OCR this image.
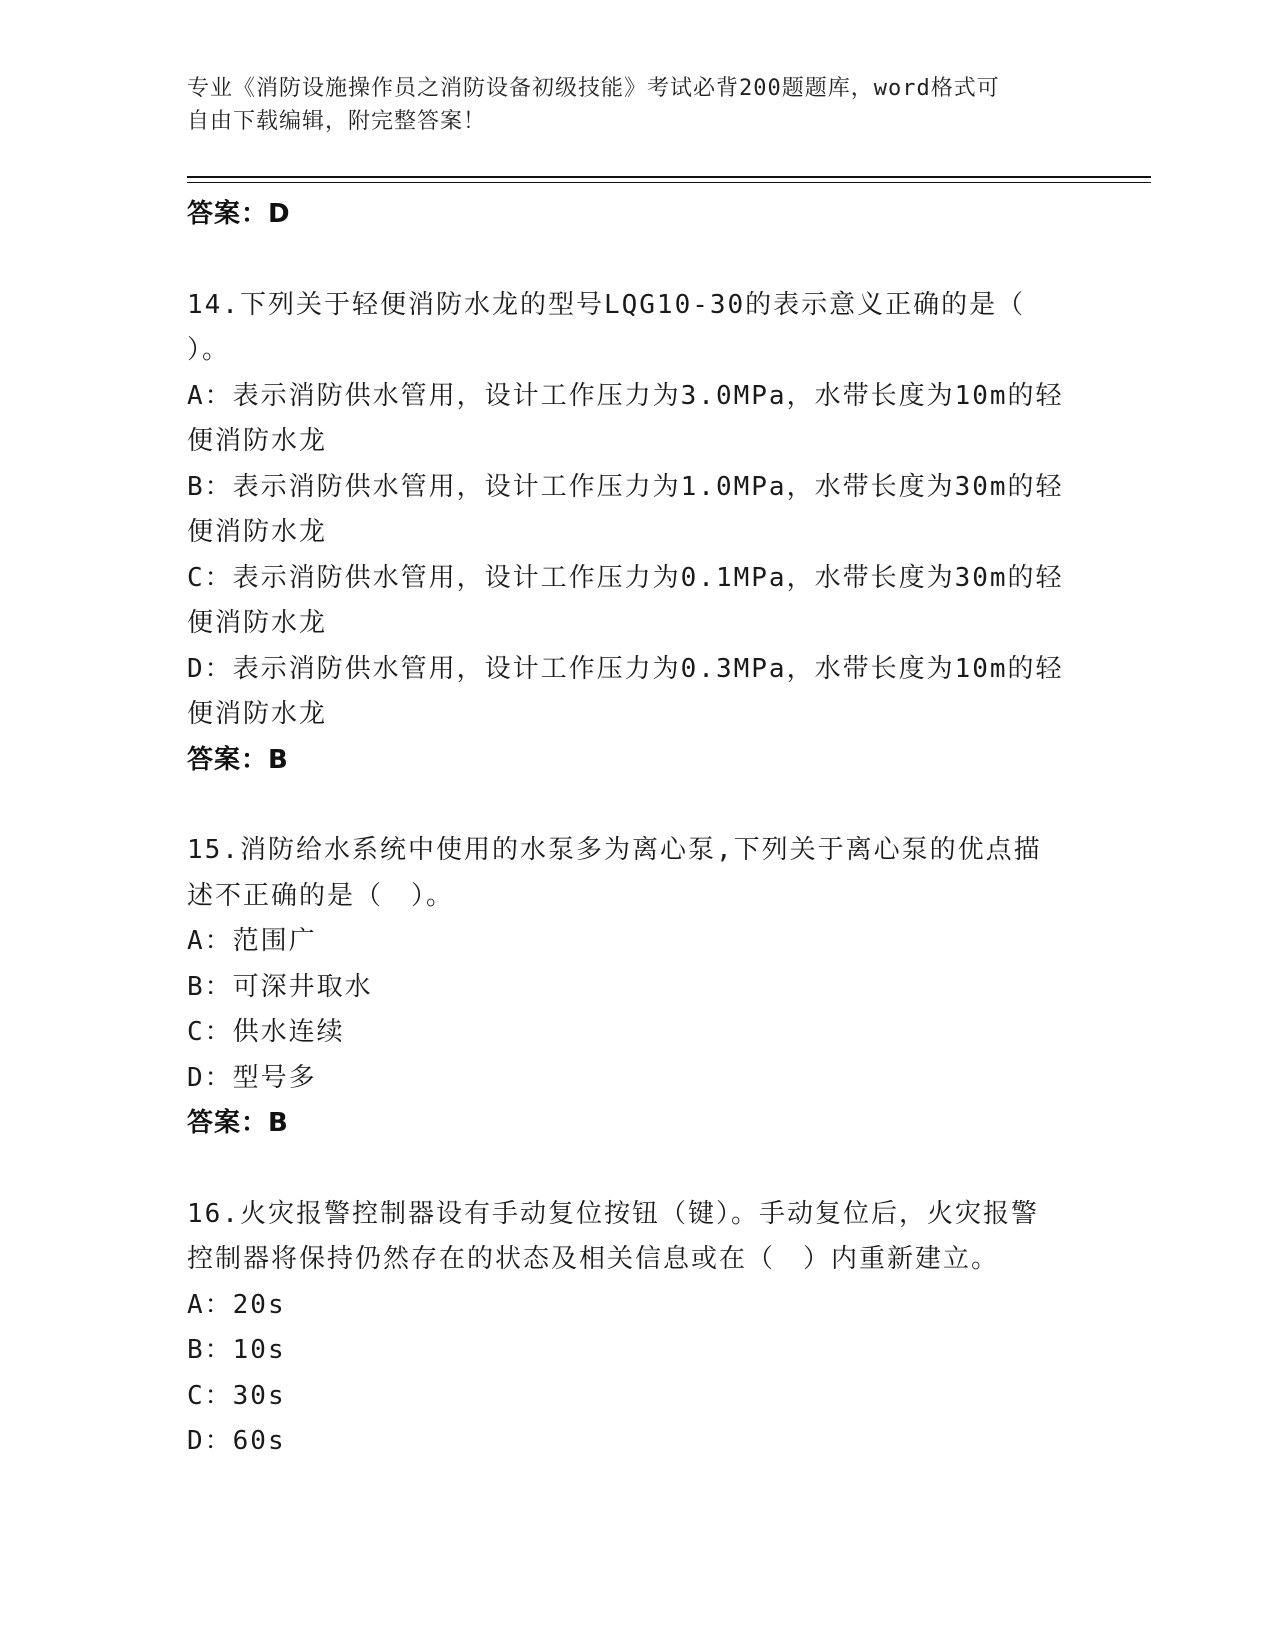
专业《消防设施操作员之消防设备初级技能》考试必背200题题库，word格式可
自由下载编辑，附完整答案！
答案：D
14.下列关于轻便消防水龙的型号LQG10-30的表示意义正确的是（
）。
A：表示消防供水管用，设计工作压力为3.0MPa，水带长度为10m的轻
便消防水龙
B：表示消防供水管用，设计工作压力为1.0MPa，水带长度为30m的轻
便消防水龙
C：表示消防供水管用，设计工作压力为0.1MPa，水带长度为30m的轻
便消防水龙
D：表示消防供水管用，设计工作压力为0.3MPa，水带长度为10m的轻
便消防水龙
答案：B
15.消防给水系统中使用的水泵多为离心泵,下列关于离心泵的优点描
述不正确的是（　）。
A：范围广
B：可深井取水
C：供水连续
D：型号多
答案：B
16.火灾报警控制器设有手动复位按钮（键）。手动复位后，火灾报警
控制器将保持仍然存在的状态及相关信息或在（　）内重新建立。
A：20s
B：10s
C：30s
D：60s
